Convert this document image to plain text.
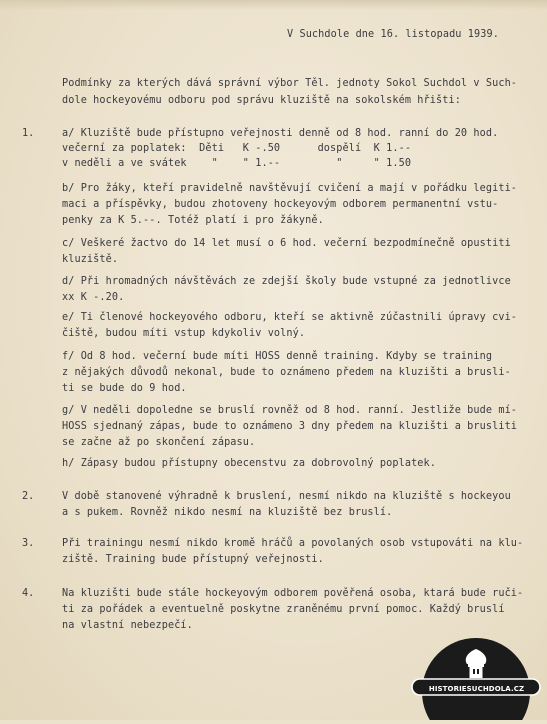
V Suchdole dne 16. listopadu 1939.
Podmínky za kterých dává správní výbor Těl. jednoty Sokol Suchdol v Such-
dole hockeyovému odboru pod správu kluziště na sokolském hřišti:
1.	a/ Kluziště bude přístupno veřejnosti denně od 8 hod. ranní do 20 hod.
večerní za poplatek:  Děti   K -.50      dospělí  K 1.--
v neděli a ve svátek    "    " 1.--         "     " 1.50
b/ Pro žáky, kteří pravidelně navštěvují cvičení a mají v pořádku legiti-
maci a příspěvky, budou zhotoveny hockeyovým odborem permanentní vstu-
penky za K 5.--. Totéž platí i pro žákyně.
c/ Veškeré žactvo do 14 let musí o 6 hod. večerní bezpodmínečně opustiti
kluziště.
d/ Při hromadných návštěvách ze zdejší školy bude vstupné za jednotlivce
xx K -.20.
e/ Ti členové hockeyového odboru, kteří se aktivně zúčastnili úpravy cvi-
čiště, budou míti vstup kdykoliv volný.
f/ Od 8 hod. večerní bude míti HOSS denně training. Kdyby se training
z nějakých důvodů nekonal, bude to oznámeno předem na kluzišti a brusli-
ti se bude do 9 hod.
g/ V neděli dopoledne se bruslí rovněž od 8 hod. ranní. Jestliže bude mí-
HOSS sjednaný zápas, bude to oznámeno 3 dny předem na kluzišti a brusliti
se začne až po skončení zápasu.
h/ Zápasy budou přístupny obecenstvu za dobrovolný poplatek.
2.	V době stanovené výhradně k bruslení, nesmí nikdo na kluziště s hockeyou
a s pukem. Rovněž nikdo nesmí na kluziště bez bruslí.
3.	Při trainingu nesmí nikdo kromě hráčů a povolaných osob vstupováti na klu-
ziště. Training bude přístupný veřejnosti.
4.	Na kluzišti bude stále hockeyovým odborem pověřená osoba, ktará bude ruči-
ti za pořádek a eventuelně poskytne zraněnému první pomoc. Každý bruslí
na vlastní nebezpečí.
HISTORIESUCHDOLA.CZ
